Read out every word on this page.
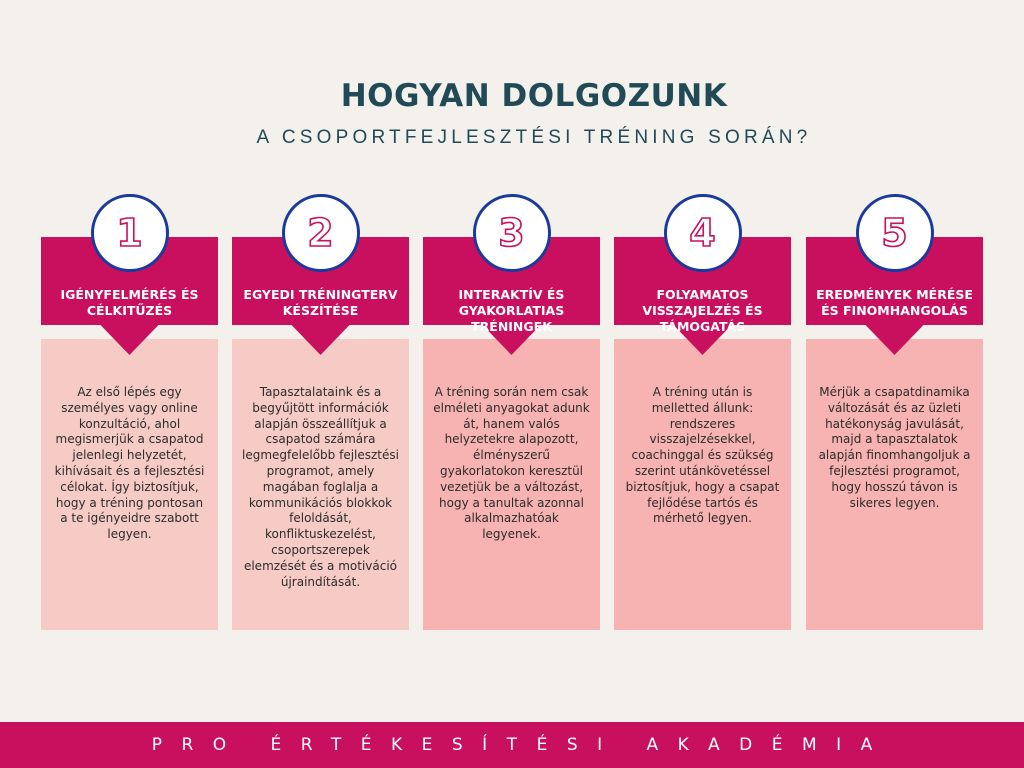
HOGYAN DOLGOZUNK
A CSOPORTFEJLESZTÉSI TRÉNING SORÁN?
1
IGÉNYFELMÉRÉS ÉS CÉLKITŰZÉS
Az első lépés egy személyes vagy online konzultáció, ahol megismerjük a csapatod jelenlegi helyzetét, kihívásait és a fejlesztési célokat. Így biztosítjuk, hogy a tréning pontosan a te igényeidre szabott legyen.
2
EGYEDI TRÉNINGTERV KÉSZÍTÉSE
Tapasztalataink és a begyűjtött információk alapján összeállítjuk a csapatod számára legmegfelelőbb fejlesztési programot, amely magában foglalja a kommunikációs blokkok feloldását, konfliktuskezelést, csoportszerepek elemzését és a motiváció újraindítását.
3
INTERAKTÍV ÉS GYAKORLATIAS TRÉNINGEK
A tréning során nem csak elméleti anyagokat adunk át, hanem valós helyzetekre alapozott, élményszerű gyakorlatokon keresztül vezetjük be a változást, hogy a tanultak azonnal alkalmazhatóak legyenek.
4
FOLYAMATOS VISSZAJELZÉS ÉS TÁMOGATÁS
A tréning után is melletted állunk: rendszeres visszajelzésekkel, coachinggal és szükség szerint utánkövetéssel biztosítjuk, hogy a csapat fejlődése tartós és mérhető legyen.
5
EREDMÉNYEK MÉRÉSE ÉS FINOMHANGOLÁS
Mérjük a csapatdinamika változását és az üzleti hatékonyság javulását, majd a tapasztalatok alapján finomhangoljuk a fejlesztési programot, hogy hosszú távon is sikeres legyen.
PRO ÉRTÉKESÍTÉSI AKADÉMIA
